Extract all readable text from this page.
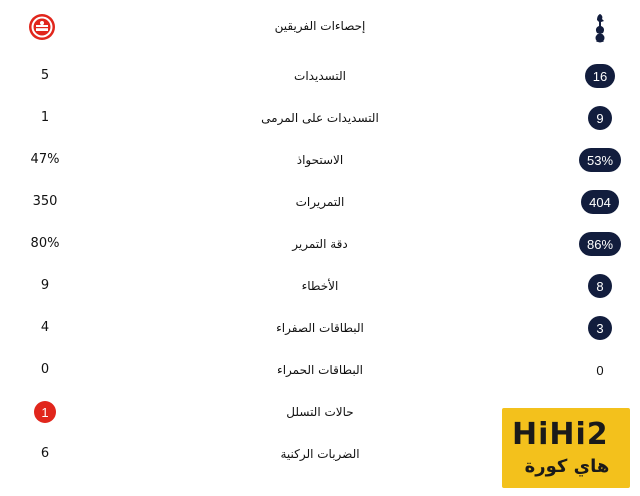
إحصاءات الفريقين
5	التسديدات	16
1	التسديدات على المرمى	9
47%	الاستحواذ	53%
350	التمريرات	404
80%	دقة التمرير	86%
9	الأخطاء	8
4	البطاقات الصفراء	3
0	البطاقات الحمراء	0
1	حالات التسلل
6	الضربات الركنية
HiHi2
هاي كورة
